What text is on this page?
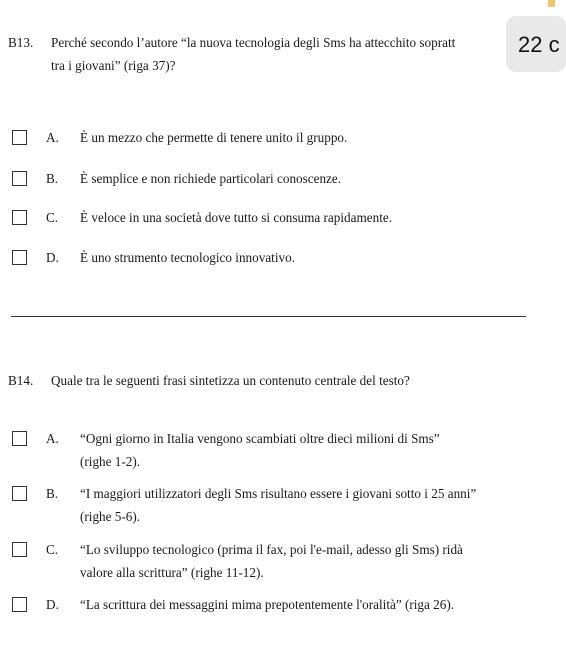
22 c
B13. Perché secondo l’autore “la nuova tecnologia degli Sms ha attecchito sopratt
tra i giovani” (riga 37)?
A. È un mezzo che permette di tenere unito il gruppo.
B. È semplice e non richiede particolari conoscenze.
C. È veloce in una società dove tutto si consuma rapidamente.
D. È uno strumento tecnologico innovativo.
B14. Quale tra le seguenti frasi sintetizza un contenuto centrale del testo?
A. “Ogni giorno in Italia vengono scambiati oltre dieci milioni di Sms”
(righe 1-2).
B. “I maggiori utilizzatori degli Sms risultano essere i giovani sotto i 25 anni”
(righe 5-6).
C. “Lo sviluppo tecnologico (prima il fax, poi l'e-mail, adesso gli Sms) ridà
valore alla scrittura” (righe 11-12).
D. “La scrittura dei messaggini mima prepotentemente l'oralità” (riga 26).
